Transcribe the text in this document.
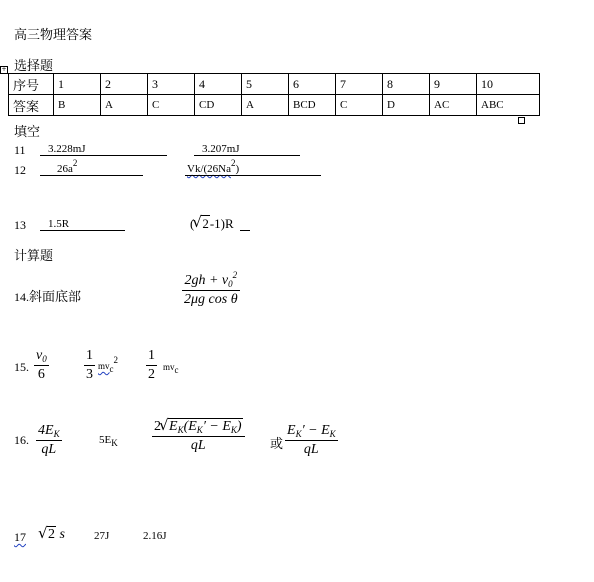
高三物理答案
选择题
+
序号	1	2	3	4	5	6	7	8	9	10
答案	B	A	C	CD	A	BCD	C	D	AC	ABC
填空
11 3.228mJ	3.207mJ
12	$26a^2$	Vk/(26Na$^2$)
13 1.5R	( √ 2-1)R
计算题
14.斜面底部	$\frac{2gh + v_0^2}{\text{2μg cos θ}}$
15. $\frac{v_0}{6}$	$\frac{1}{3} mv_c^2 \frac{1}{2} mv_c$
16. $\frac{4E_K}{qL}$	$5E_K \frac{2 √ E_K(E_K' - E_K)}{qL}$ 或 $\frac{E_K' - E_K}{qL}$
17	√ 2 s	27J	2.16J
